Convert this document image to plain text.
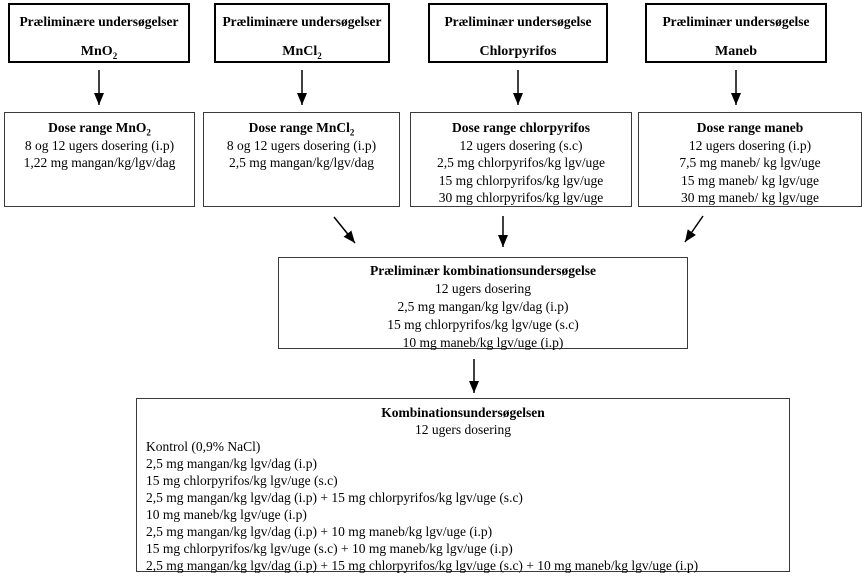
Præliminære undersøgelser
MnO$_2$
Præliminære undersøgelser
MnCl$_2$
Præliminær undersøgelse
Chlorpyrifos
Præliminær undersøgelse
Maneb
Dose range MnO$_2$
8 og 12 ugers dosering (i.p)
1,22 mg mangan/kg/lgv/dag
Dose range MnCl$_2$
8 og 12 ugers dosering (i.p)
2,5 mg mangan/kg/lgv/dag
Dose range chlorpyrifos
12 ugers dosering (s.c)
2,5 mg chlorpyrifos/kg lgv/uge
15 mg chlorpyrifos/kg lgv/uge
30 mg chlorpyrifos/kg lgv/uge
Dose range maneb
12 ugers dosering (i.p)
7,5 mg maneb/ kg lgv/uge
15 mg maneb/ kg lgv/uge
30 mg maneb/ kg lgv/uge
Præliminær kombinationsundersøgelse
12 ugers dosering
2,5 mg mangan/kg lgv/dag (i.p)
15 mg chlorpyrifos/kg lgv/uge (s.c)
10 mg maneb/kg lgv/uge (i.p)
Kombinationsundersøgelsen
12 ugers dosering
Kontrol (0,9% NaCl)
2,5 mg mangan/kg lgv/dag (i.p)
15 mg chlorpyrifos/kg lgv/uge (s.c)
2,5 mg mangan/kg lgv/dag (i.p) + 15 mg chlorpyrifos/kg lgv/uge (s.c)
10 mg maneb/kg lgv/uge (i.p)
2,5 mg mangan/kg lgv/dag (i.p) + 10 mg maneb/kg lgv/uge (i.p)
15 mg chlorpyrifos/kg lgv/uge (s.c) + 10 mg maneb/kg lgv/uge (i.p)
2,5 mg mangan/kg lgv/dag (i.p) + 15 mg chlorpyrifos/kg lgv/uge (s.c) + 10 mg maneb/kg lgv/uge (i.p)
